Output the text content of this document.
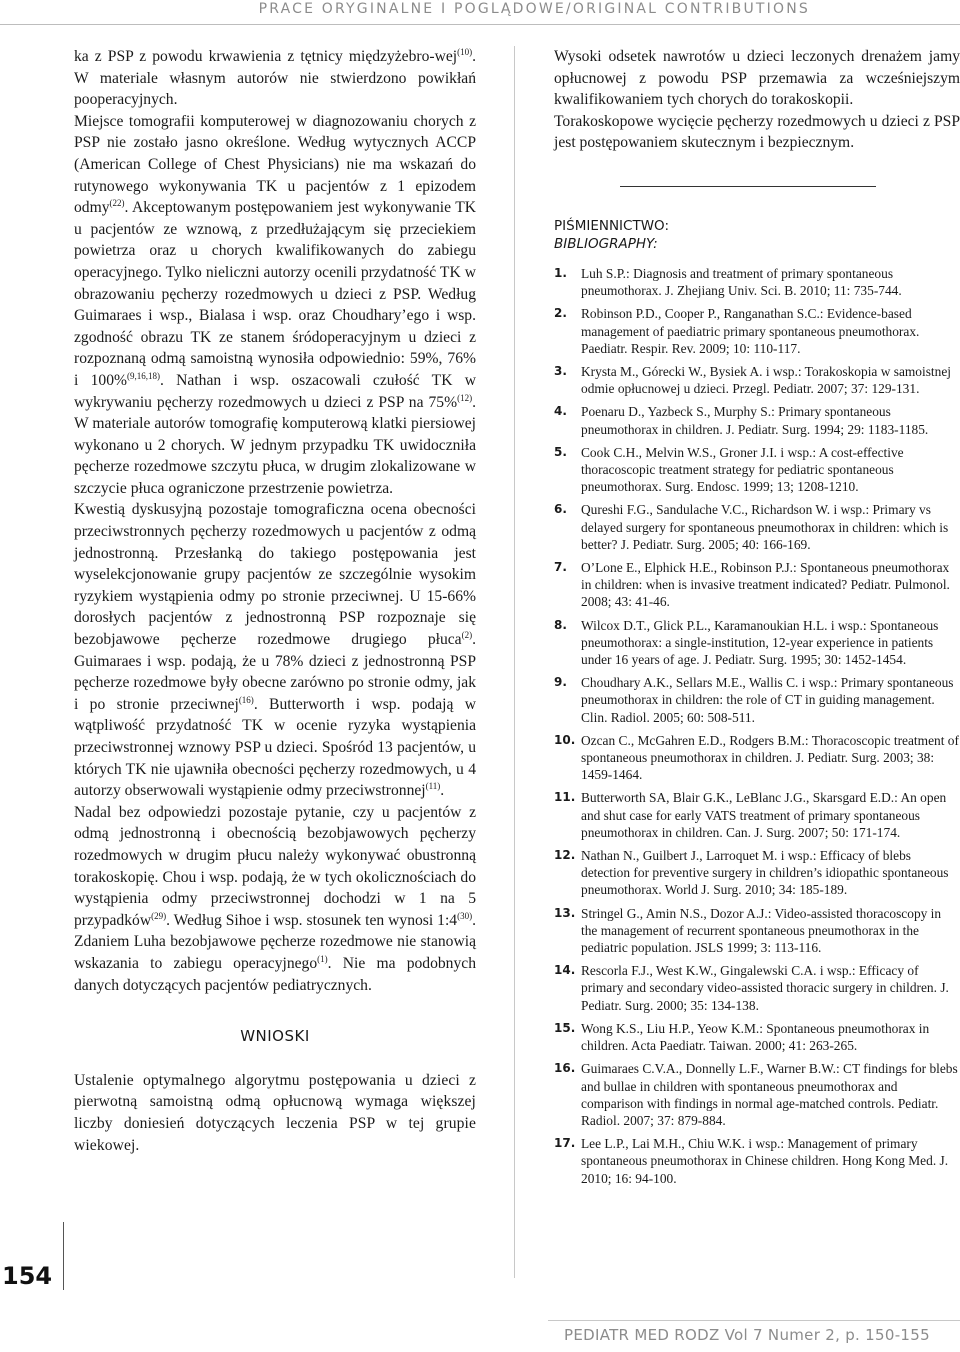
PRACE ORYGINALNE I POGLĄDOWE/ORIGINAL CONTRIBUTIONS
154

ka z PSP z powodu krwawienia z tętnicy międzyżebro-wej$^{(10)}$. W materiale własnym autorów nie stwierdzono powikłań pooperacyjnych.

Miejsce tomografii komputerowej w diagnozowaniu chorych z PSP nie zostało jasno określone. Według wytycznych ACCP (American College of Chest Physicians) nie ma wskazań do rutynowego wykonywania TK u pacjentów z 1 epizodem odmy$^{(22)}$. Akceptowanym postępowaniem jest wykonywanie TK u pacjentów ze wznową, z przedłużającym się przeciekiem powietrza oraz u chorych kwalifikowanych do zabiegu operacyjnego. Tylko nieliczni autorzy ocenili przydatność TK w obrazowaniu pęcherzy rozedmowych u dzieci z PSP. Według Guimaraes i wsp., Bialasa i wsp. oraz Choudhary’ego i wsp. zgodność obrazu TK ze stanem śródoperacyjnym u dzieci z rozpoznaną odmą samoistną wynosiła odpowiednio: 59%, 76% i 100%$^{(9,16,18)}$. Nathan i wsp. oszacowali czułość TK w wykrywaniu pęcherzy rozedmowych u dzieci z PSP na 75%$^{(12)}$. W materiale autorów tomografię komputerową klatki piersiowej wykonano u 2 chorych. W jednym przypadku TK uwidoczniła pęcherze rozedmowe szczytu płuca, w drugim zlokalizowane w szczycie płuca ograniczone przestrzenie powietrza.

Kwestią dyskusyjną pozostaje tomograficzna ocena obecności przeciwstronnych pęcherzy rozedmowych u pacjentów z odmą jednostronną. Przesłanką do takiego postępowania jest wyselekcjonowanie grupy pacjentów ze szczególnie wysokim ryzykiem wystąpienia odmy po stronie przeciwnej. U 15-66% dorosłych pacjentów z jednostronną PSP rozpoznaje się bezobjawowe pęcherze rozedmowe drugiego płuca$^{(2)}$. Guimaraes i wsp. podają, że u 78% dzieci z jednostronną PSP pęcherze rozedmowe były obecne zarówno po stronie odmy, jak i po stronie przeciwnej$^{(16)}$. Butterworth i wsp. podają w wątpliwość przydatność TK w ocenie ryzyka wystąpienia przeciwstronnej wznowy PSP u dzieci. Spośród 13 pacjentów, u których TK nie ujawniła obecności pęcherzy rozedmowych, u 4 autorzy obserwowali wystąpienie odmy przeciwstronnej$^{(11)}$.

Nadal bez odpowiedzi pozostaje pytanie, czy u pacjentów z odmą jednostronną i obecnością bezobjawowych pęcherzy rozedmowych w drugim płucu należy wykonywać obustronną torakoskopię. Chou i wsp. podają, że w tych okolicznościach do wystąpienia odmy przeciwstronnej dochodzi w 1 na 5 przypadków$^{(29)}$. Według Sihoe i wsp. stosunek ten wynosi 1:4$^{(30)}$. Zdaniem Luha bezobjawowe pęcherze rozedmowe nie stanowią wskazania to zabiegu operacyjnego$^{(1)}$. Nie ma podobnych danych dotyczących pacjentów pediatrycznych.

WNIOSKI

Ustalenie optymalnego algorytmu postępowania u dzieci z pierwotną samoistną odmą opłucnową wymaga większej liczby doniesień dotyczących leczenia PSP w tej grupie wiekowej.

Wysoki odsetek nawrotów u dzieci leczonych drenażem jamy opłucnowej z powodu PSP przemawia za wcześniejszym kwalifikowaniem tych chorych do torakoskopii.

Torakoskopowe wycięcie pęcherzy rozedmowych u dzieci z PSP jest postępowaniem skutecznym i bezpiecznym.

PIŚMIENNICTWO:
BIBLIOGRAPHY:
1. Luh S.P.: Diagnosis and treatment of primary spontaneous pneumothorax. J. Zhejiang Univ. Sci. B. 2010; 11: 735-744.
2. Robinson P.D., Cooper P., Ranganathan S.C.: Evidence-based management of paediatric primary spontaneous pneumothorax. Paediatr. Respir. Rev. 2009; 10: 110-117.
3. Krysta M., Górecki W., Bysiek A. i wsp.: Torakoskopia w samoistnej odmie opłucnowej u dzieci. Przegl. Pediatr. 2007; 37: 129-131.
4. Poenaru D., Yazbeck S., Murphy S.: Primary spontaneous pneumothorax in children. J. Pediatr. Surg. 1994; 29: 1183-1185.
5. Cook C.H., Melvin W.S., Groner J.I. i wsp.: A cost-effective thoracoscopic treatment strategy for pediatric spontaneous pneumothorax. Surg. Endosc. 1999; 13; 1208-1210.
6. Qureshi F.G., Sandulache V.C., Richardson W. i wsp.: Primary vs delayed surgery for spontaneous pneumothorax in children: which is better? J. Pediatr. Surg. 2005; 40: 166-169.
7. O’Lone E., Elphick H.E., Robinson P.J.: Spontaneous pneumothorax in children: when is invasive treatment indicated? Pediatr. Pulmonol. 2008; 43: 41-46.
8. Wilcox D.T., Glick P.L., Karamanoukian H.L. i wsp.: Spontaneous pneumothorax: a single-institution, 12-year experience in patients under 16 years of age. J. Pediatr. Surg. 1995; 30: 1452-1454.
9. Choudhary A.K., Sellars M.E., Wallis C. i wsp.: Primary spontaneous pneumothorax in children: the role of CT in guiding management. Clin. Radiol. 2005; 60: 508-511.
10. Ozcan C., McGahren E.D., Rodgers B.M.: Thoracoscopic treatment of spontaneous pneumothorax in children. J. Pediatr. Surg. 2003; 38: 1459-1464.
11. Butterworth SA, Blair G.K., LeBlanc J.G., Skarsgard E.D.: An open and shut case for early VATS treatment of primary spontaneous pneumothorax in children. Can. J. Surg. 2007; 50: 171-174.
12. Nathan N., Guilbert J., Larroquet M. i wsp.: Efficacy of blebs detection for preventive surgery in children’s idiopathic spontaneous pneumothorax. World J. Surg. 2010; 34: 185-189.
13. Stringel G., Amin N.S., Dozor A.J.: Video-assisted thoracoscopy in the management of recurrent spontaneous pneumothorax in the pediatric population. JSLS 1999; 3: 113-116.
14. Rescorla F.J., West K.W., Gingalewski C.A. i wsp.: Efficacy of primary and secondary video-assisted thoracic surgery in children. J. Pediatr. Surg. 2000; 35: 134-138.
15. Wong K.S., Liu H.P., Yeow K.M.: Spontaneous pneumothorax in children. Acta Paediatr. Taiwan. 2000; 41: 263-265.
16. Guimaraes C.V.A., Donnelly L.F., Warner B.W.: CT findings for blebs and bullae in children with spontaneous pneumothorax and comparison with findings in normal age-matched controls. Pediatr. Radiol. 2007; 37: 879-884.
17. Lee L.P., Lai M.H., Chiu W.K. i wsp.: Management of primary spontaneous pneumothorax in Chinese children. Hong Kong Med. J. 2010; 16: 94-100.
PEDIATR MED RODZ Vol 7 Numer 2, p. 150-155
